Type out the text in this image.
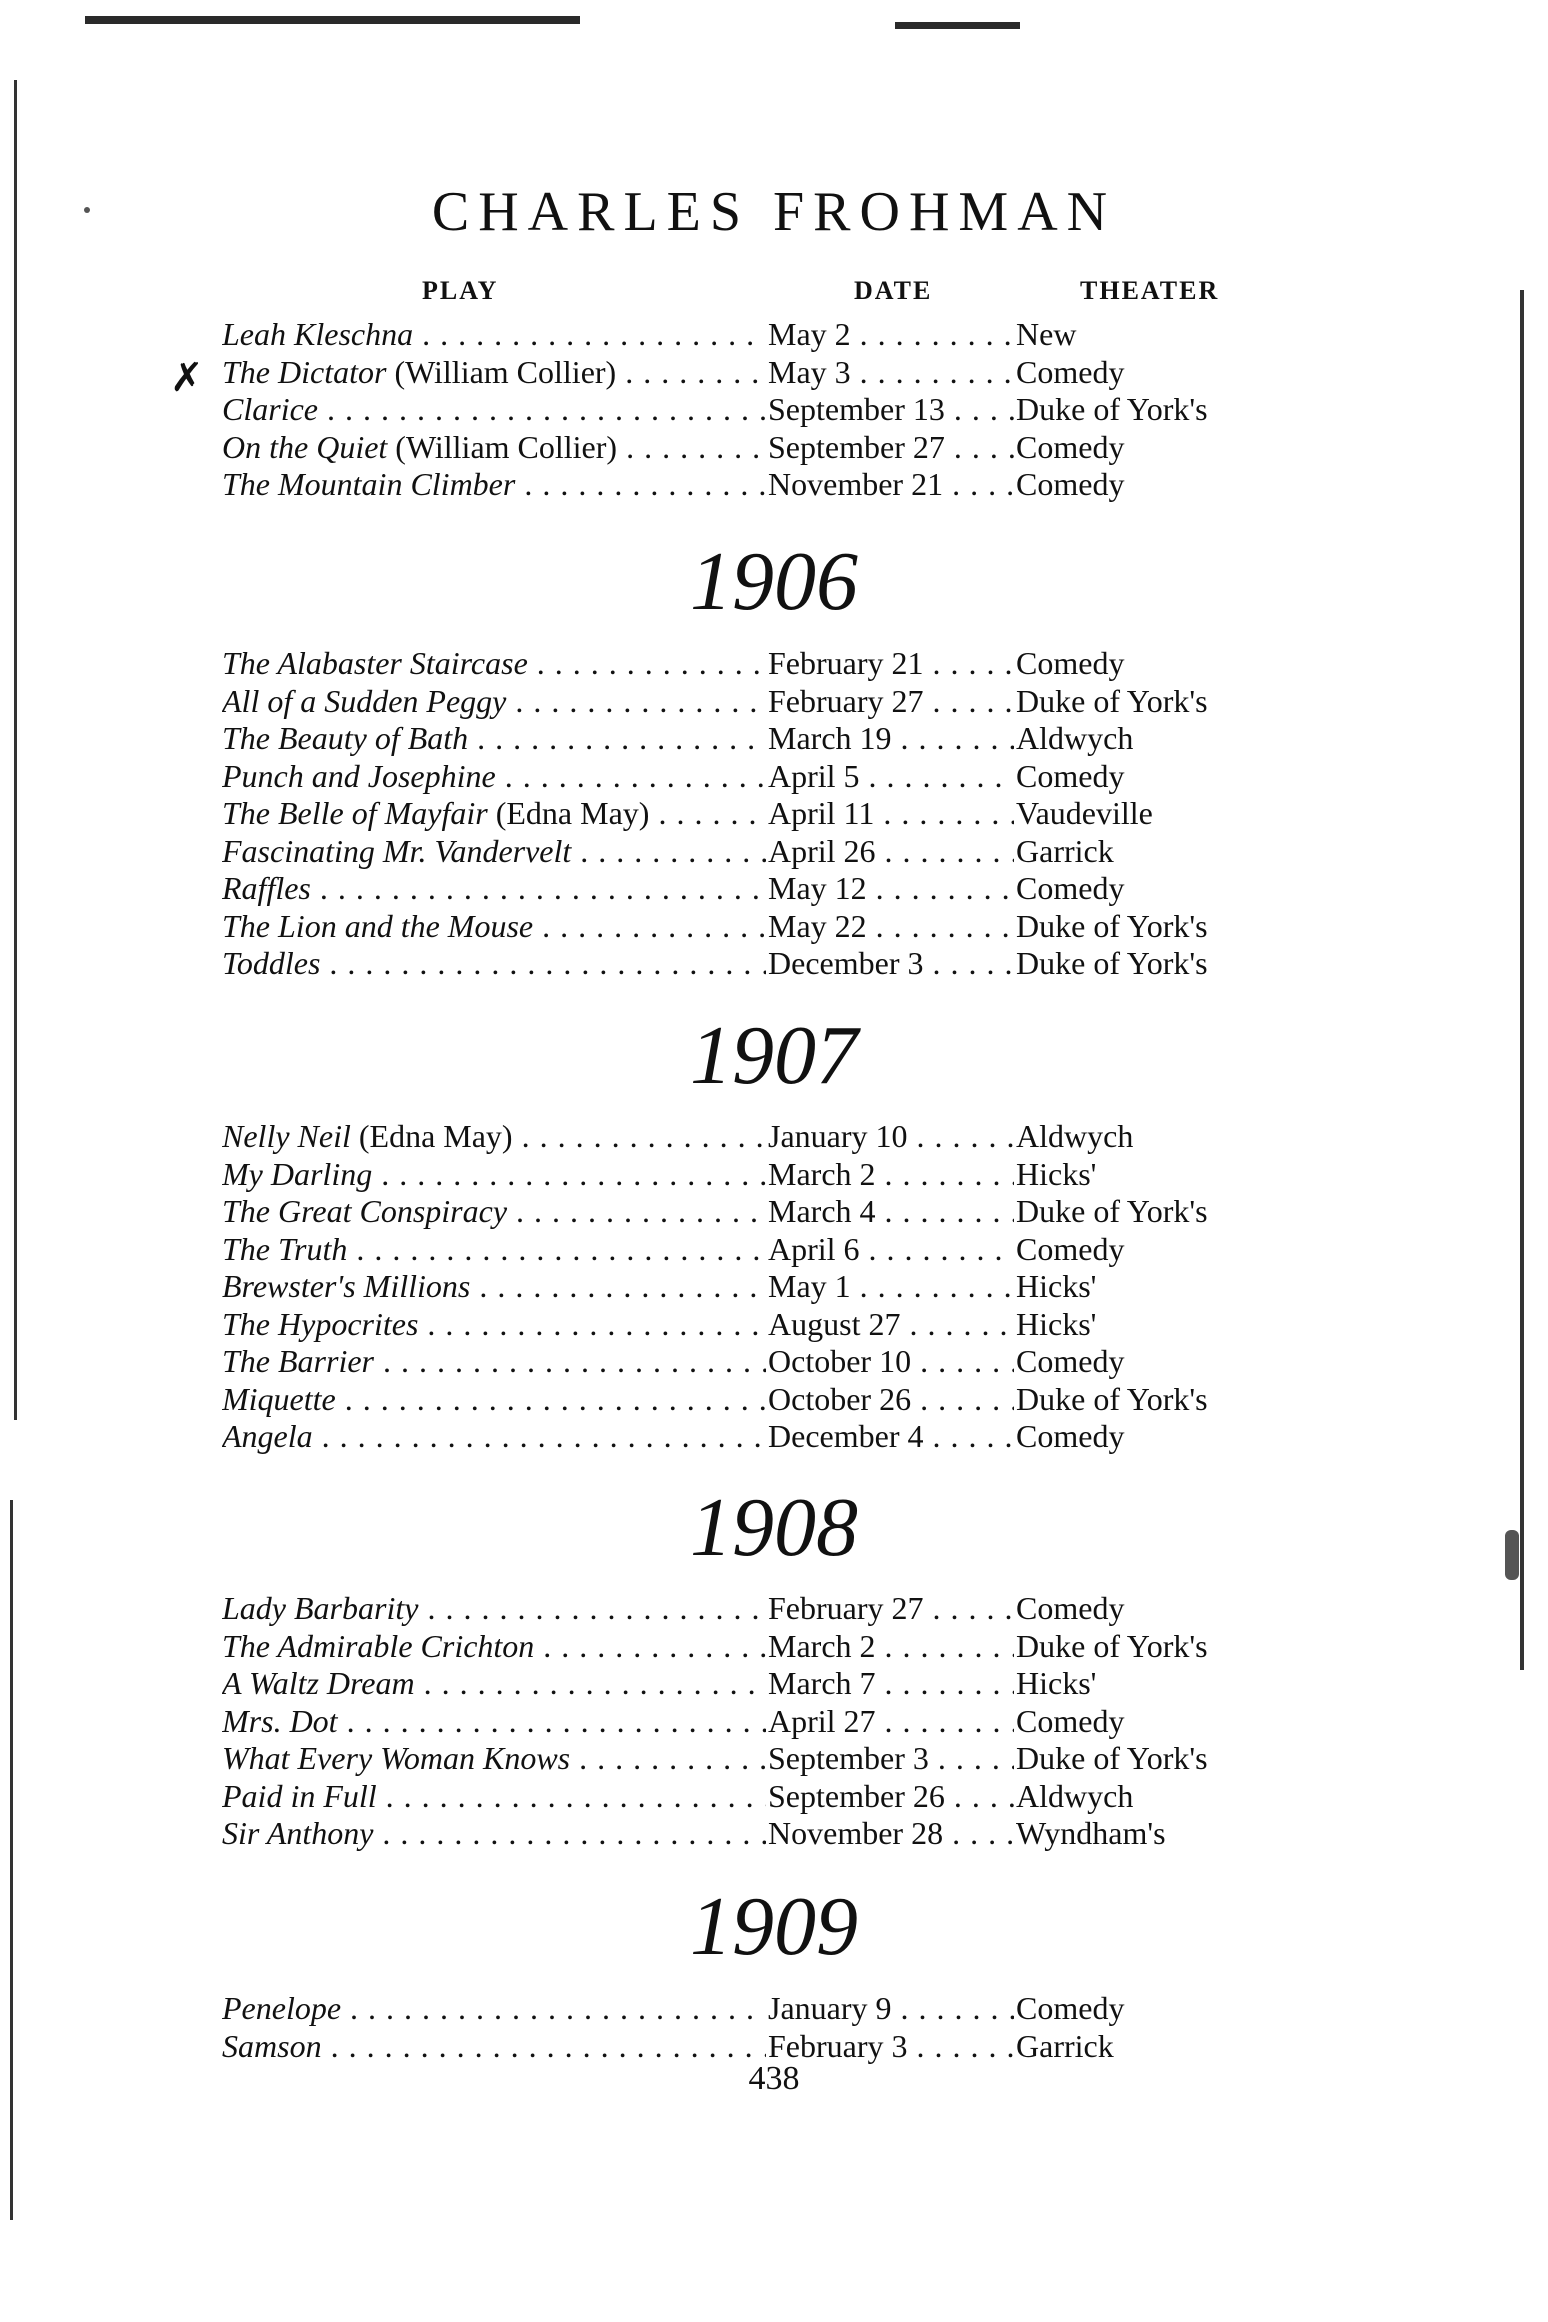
✗
CHARLES FROHMAN
PLAY	DATE	THEATER
Leah Kleschna . . .	May 2 . . .	New
The Dictator (William Collier) . . .	May 3 . . .	Comedy
Clarice . . .	September 13 . . .	Duke of York's
On the Quiet (William Collier) . . .	September 27 . . .	Comedy
The Mountain Climber . . .	November 21 . . .	Comedy
1906
The Alabaster Staircase . . .	February 21 . . .	Comedy
All of a Sudden Peggy . . .	February 27 . . .	Duke of York's
The Beauty of Bath . . .	March 19 . . .	Aldwych
Punch and Josephine . . .	April 5 . . .	Comedy
The Belle of Mayfair (Edna May) . . .	April 11 . . .	Vaudeville
Fascinating Mr. Vandervelt . . .	April 26 . . .	Garrick
Raffles . . .	May 12 . . .	Comedy
The Lion and the Mouse . . .	May 22 . . .	Duke of York's
Toddles . . .	December 3 . . .	Duke of York's
1907
Nelly Neil (Edna May) . . .	January 10 . . .	Aldwych
My Darling . . .	March 2 . . .	Hicks'
The Great Conspiracy . . .	March 4 . . .	Duke of York's
The Truth . . .	April 6 . . .	Comedy
Brewster's Millions . . .	May 1 . . .	Hicks'
The Hypocrites . . .	August 27 . . .	Hicks'
The Barrier . . .	October 10 . . .	Comedy
Miquette . . .	October 26 . . .	Duke of York's
Angela . . .	December 4 . . .	Comedy
1908
Lady Barbarity . . .	February 27 . . .	Comedy
The Admirable Crichton . . .	March 2 . . .	Duke of York's
A Waltz Dream . . .	March 7 . . .	Hicks'
Mrs. Dot . . .	April 27 . . .	Comedy
What Every Woman Knows . . .	September 3 . . .	Duke of York's
Paid in Full . . .	September 26 . . .	Aldwych
Sir Anthony . . .	November 28 . . .	Wyndham's
1909
Penelope . . .	January 9 . . .	Comedy
Samson . . .	February 3 . . .	Garrick
438
